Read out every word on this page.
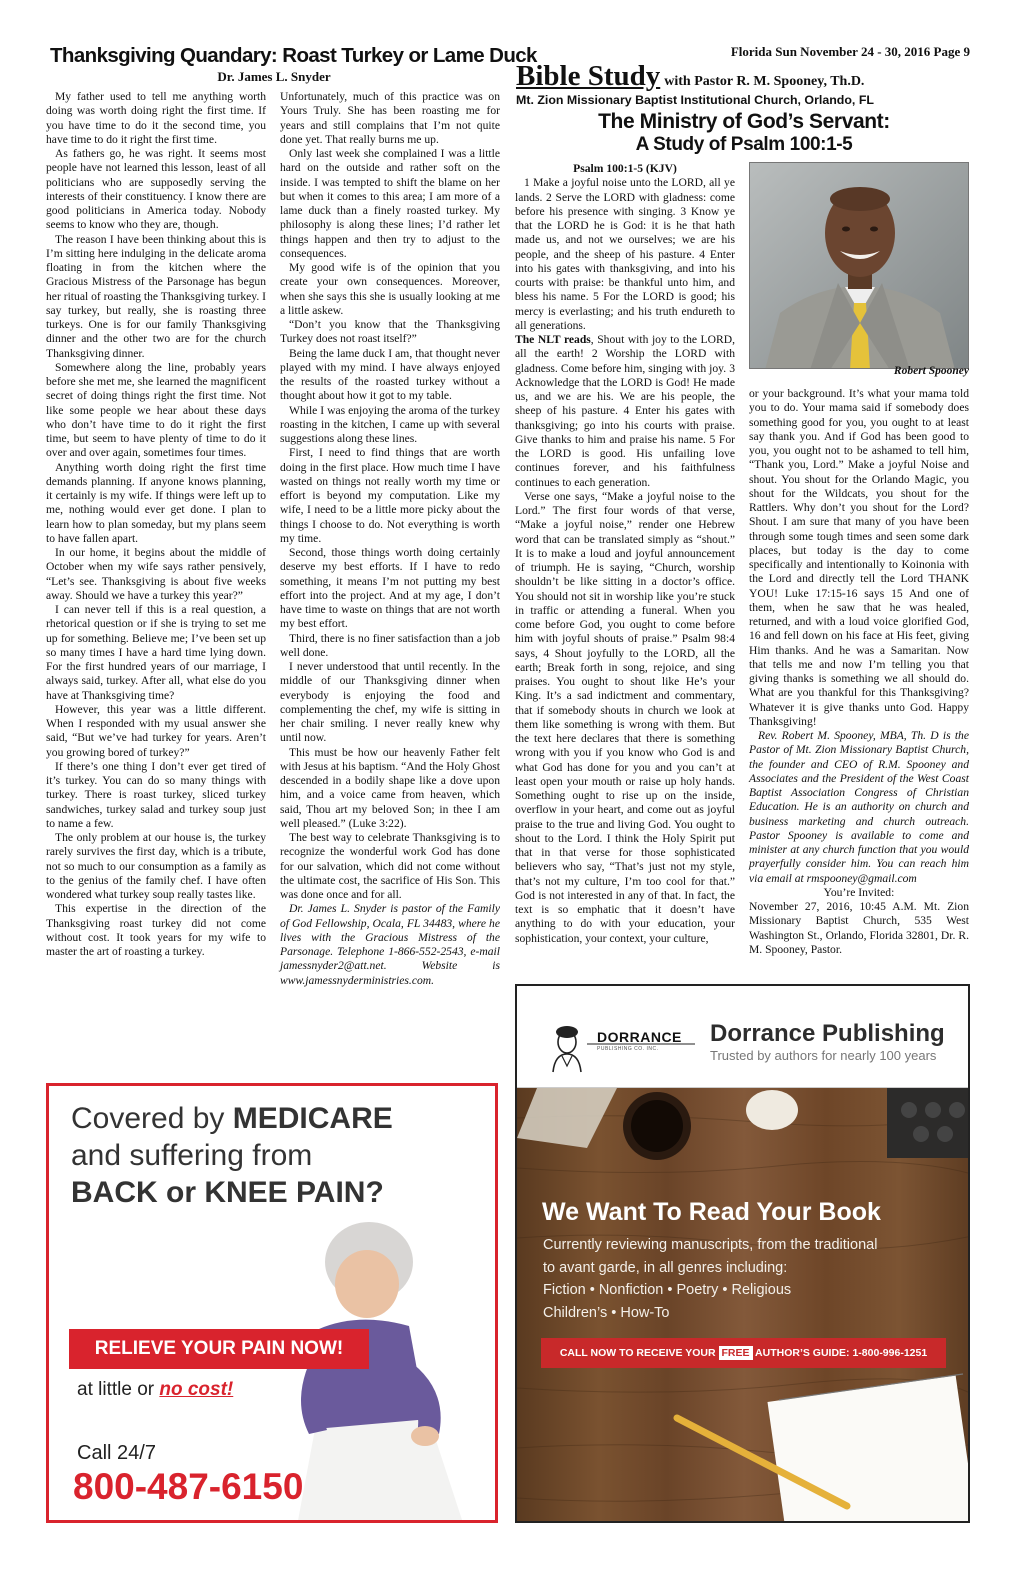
Florida Sun November 24 - 30, 2016 Page 9
Thanksgiving Quandary: Roast Turkey or Lame Duck
Dr. James L. Snyder

My father used to tell me anything worth doing was worth doing right the first time. If you have time to do it the second time, you have time to do it right the first time.

As fathers go, he was right. It seems most people have not learned this lesson, least of all politicians who are supposedly serving the interests of their constituency. I know there are good politicians in America today. Nobody seems to know who they are, though.

The reason I have been thinking about this is I’m sitting here indulging in the delicate aroma floating in from the kitchen where the Gracious Mistress of the Parsonage has begun her ritual of roasting the Thanksgiving turkey. I say turkey, but really, she is roasting three turkeys. One is for our family Thanksgiving dinner and the other two are for the church Thanksgiving dinner.

Somewhere along the line, probably years before she met me, she learned the magnificent secret of doing things right the first time. Not like some people we hear about these days who don’t have time to do it right the first time, but seem to have plenty of time to do it over and over again, sometimes four times.

Anything worth doing right the first time demands planning. If anyone knows planning, it certainly is my wife. If things were left up to me, nothing would ever get done. I plan to learn how to plan someday, but my plans seem to have fallen apart.

In our home, it begins about the middle of October when my wife says rather pensively, “Let’s see. Thanksgiving is about five weeks away. Should we have a turkey this year?”

I can never tell if this is a real question, a rhetorical question or if she is trying to set me up for something. Believe me; I’ve been set up so many times I have a hard time lying down. For the first hundred years of our marriage, I always said, turkey. After all, what else do you have at Thanksgiving time?

However, this year was a little different. When I responded with my usual answer she said, “But we’ve had turkey for years. Aren’t you growing bored of turkey?”

If there’s one thing I don’t ever get tired of it’s turkey. You can do so many things with turkey. There is roast turkey, sliced turkey sandwiches, turkey salad and turkey soup just to name a few.

The only problem at our house is, the turkey rarely survives the first day, which is a tribute, not so much to our consumption as a family as to the genius of the family chef. I have often wondered what turkey soup really tastes like.

This expertise in the direction of the Thanksgiving roast turkey did not come without cost. It took years for my wife to master the art of roasting a turkey.

Unfortunately, much of this practice was on Yours Truly. She has been roasting me for years and still complains that I’m not quite done yet. That really burns me up.

Only last week she complained I was a little hard on the outside and rather soft on the inside. I was tempted to shift the blame on her but when it comes to this area; I am more of a lame duck than a finely roasted turkey. My philosophy is along these lines; I’d rather let things happen and then try to adjust to the consequences.

My good wife is of the opinion that you create your own consequences. Moreover, when she says this she is usually looking at me a little askew.

“Don’t you know that the Thanksgiving Turkey does not roast itself?”

Being the lame duck I am, that thought never played with my mind. I have always enjoyed the results of the roasted turkey without a thought about how it got to my table.

While I was enjoying the aroma of the turkey roasting in the kitchen, I came up with several suggestions along these lines.

First, I need to find things that are worth doing in the first place. How much time I have wasted on things not really worth my time or effort is beyond my computation. Like my wife, I need to be a little more picky about the things I choose to do. Not everything is worth my time.

Second, those things worth doing certainly deserve my best efforts. If I have to redo something, it means I’m not putting my best effort into the project. And at my age, I don’t have time to waste on things that are not worth my best effort.

Third, there is no finer satisfaction than a job well done.

I never understood that until recently. In the middle of our Thanksgiving dinner when everybody is enjoying the food and complementing the chef, my wife is sitting in her chair smiling. I never really knew why until now.

This must be how our heavenly Father felt with Jesus at his baptism. “And the Holy Ghost descended in a bodily shape like a dove upon him, and a voice came from heaven, which said, Thou art my beloved Son; in thee I am well pleased.” (Luke 3:22).

The best way to celebrate Thanksgiving is to recognize the wonderful work God has done for our salvation, which did not come without the ultimate cost, the sacrifice of His Son. This was done once and for all.

Dr. James L. Snyder is pastor of the Family of God Fellowship, Ocala, FL 34483, where he lives with the Gracious Mistress of the Parsonage. Telephone 1-866-552-2543, e-mail jamessnyder2@att.net. Website is www.jamessnyderministries.com.

Bible Study with Pastor R. M. Spooney, Th.D.
Mt. Zion Missionary Baptist Institutional Church, Orlando, FL
The Ministry of God’s Servant:
A Study of Psalm 100:1-5

Psalm 100:1-5 (KJV)

1 Make a joyful noise unto the LORD, all ye lands. 2 Serve the LORD with gladness: come before his presence with singing. 3 Know ye that the LORD he is God: it is he that hath made us, and not we ourselves; we are his people, and the sheep of his pasture. 4 Enter into his gates with thanksgiving, and into his courts with praise: be thankful unto him, and bless his name. 5 For the LORD is good; his mercy is everlasting; and his truth endureth to all generations.

The NLT reads, Shout with joy to the LORD, all the earth! 2 Worship the LORD with gladness. Come before him, singing with joy. 3 Acknowledge that the LORD is God! He made us, and we are his. We are his people, the sheep of his pasture. 4 Enter his gates with thanksgiving; go into his courts with praise. Give thanks to him and praise his name. 5 For the LORD is good. His unfailing love continues forever, and his faithfulness continues to each generation.

Verse one says, “Make a joyful noise to the Lord.” The first four words of that verse, “Make a joyful noise,” render one Hebrew word that can be translated simply as “shout.” It is to make a loud and joyful announcement of triumph. He is saying, “Church, worship shouldn’t be like sitting in a doctor’s office. You should not sit in worship like you’re stuck in traffic or attending a funeral. When you come before God, you ought to come before him with joyful shouts of praise.” Psalm 98:4 says, 4 Shout joyfully to the LORD, all the earth; Break forth in song, rejoice, and sing praises. You ought to shout like He’s your King. It’s a sad indictment and commentary, that if somebody shouts in church we look at them like something is wrong with them. But the text here declares that there is something wrong with you if you know who God is and what God has done for you and you can’t at least open your mouth or raise up holy hands. Something ought to rise up on the inside, overflow in your heart, and come out as joyful praise to the true and living God. You ought to shout to the Lord. I think the Holy Spirit put that in that verse for those sophisticated believers who say, “That’s just not my style, that’s not my culture, I’m too cool for that.” God is not interested in any of that. In fact, the text is so emphatic that it doesn’t have anything to do with your education, your sophistication, your context, your culture,

Robert Spooney

or your background. It’s what your mama told you to do. Your mama said if somebody does something good for you, you ought to at least say thank you. And if God has been good to you, you ought not to be ashamed to tell him, “Thank you, Lord.” Make a joyful Noise and shout. You shout for the Orlando Magic, you shout for the Wildcats, you shout for the Rattlers. Why don’t you shout for the Lord? Shout. I am sure that many of you have been through some tough times and seen some dark places, but today is the day to come specifically and intentionally to Koinonia with the Lord and directly tell the Lord THANK YOU! Luke 17:15-16 says 15 And one of them, when he saw that he was healed, returned, and with a loud voice glorified God, 16 and fell down on his face at His feet, giving Him thanks. And he was a Samaritan. Now that tells me and now I’m telling you that giving thanks is something we all should do. What are you thankful for this Thanksgiving? Whatever it is give thanks unto God. Happy Thanksgiving!

Rev. Robert M. Spooney, MBA, Th. D is the Pastor of Mt. Zion Missionary Baptist Church, the founder and CEO of R.M. Spooney and Associates and the President of the West Coast Baptist Association Congress of Christian Education. He is an authority on church and business marketing and church outreach. Pastor Spooney is available to come and minister at any church function that you would prayerfully consider him. You can reach him via email at rmspooney@gmail.com

You’re Invited:

November 27, 2016, 10:45 A.M. Mt. Zion Missionary Baptist Church, 535 West Washington St., Orlando, Florida 32801, Dr. R. M. Spooney, Pastor.

Covered by MEDICARE
and suffering from
BACK or KNEE PAIN?
RELIEVE YOUR PAIN NOW!
at little or no cost!
Call 24/7
800-487-6150
DORRANCE
PUBLISHING CO. INC.
Dorrance Publishing
Trusted by authors for nearly 100 years
We Want To Read Your Book
Currently reviewing manuscripts, from the traditional
to avant garde, in all genres including:
Fiction • Nonfiction • Poetry • Religious
Children’s • How-To
CALL NOW TO RECEIVE YOUR FREE AUTHOR’S GUIDE: 1-800-996-1251
